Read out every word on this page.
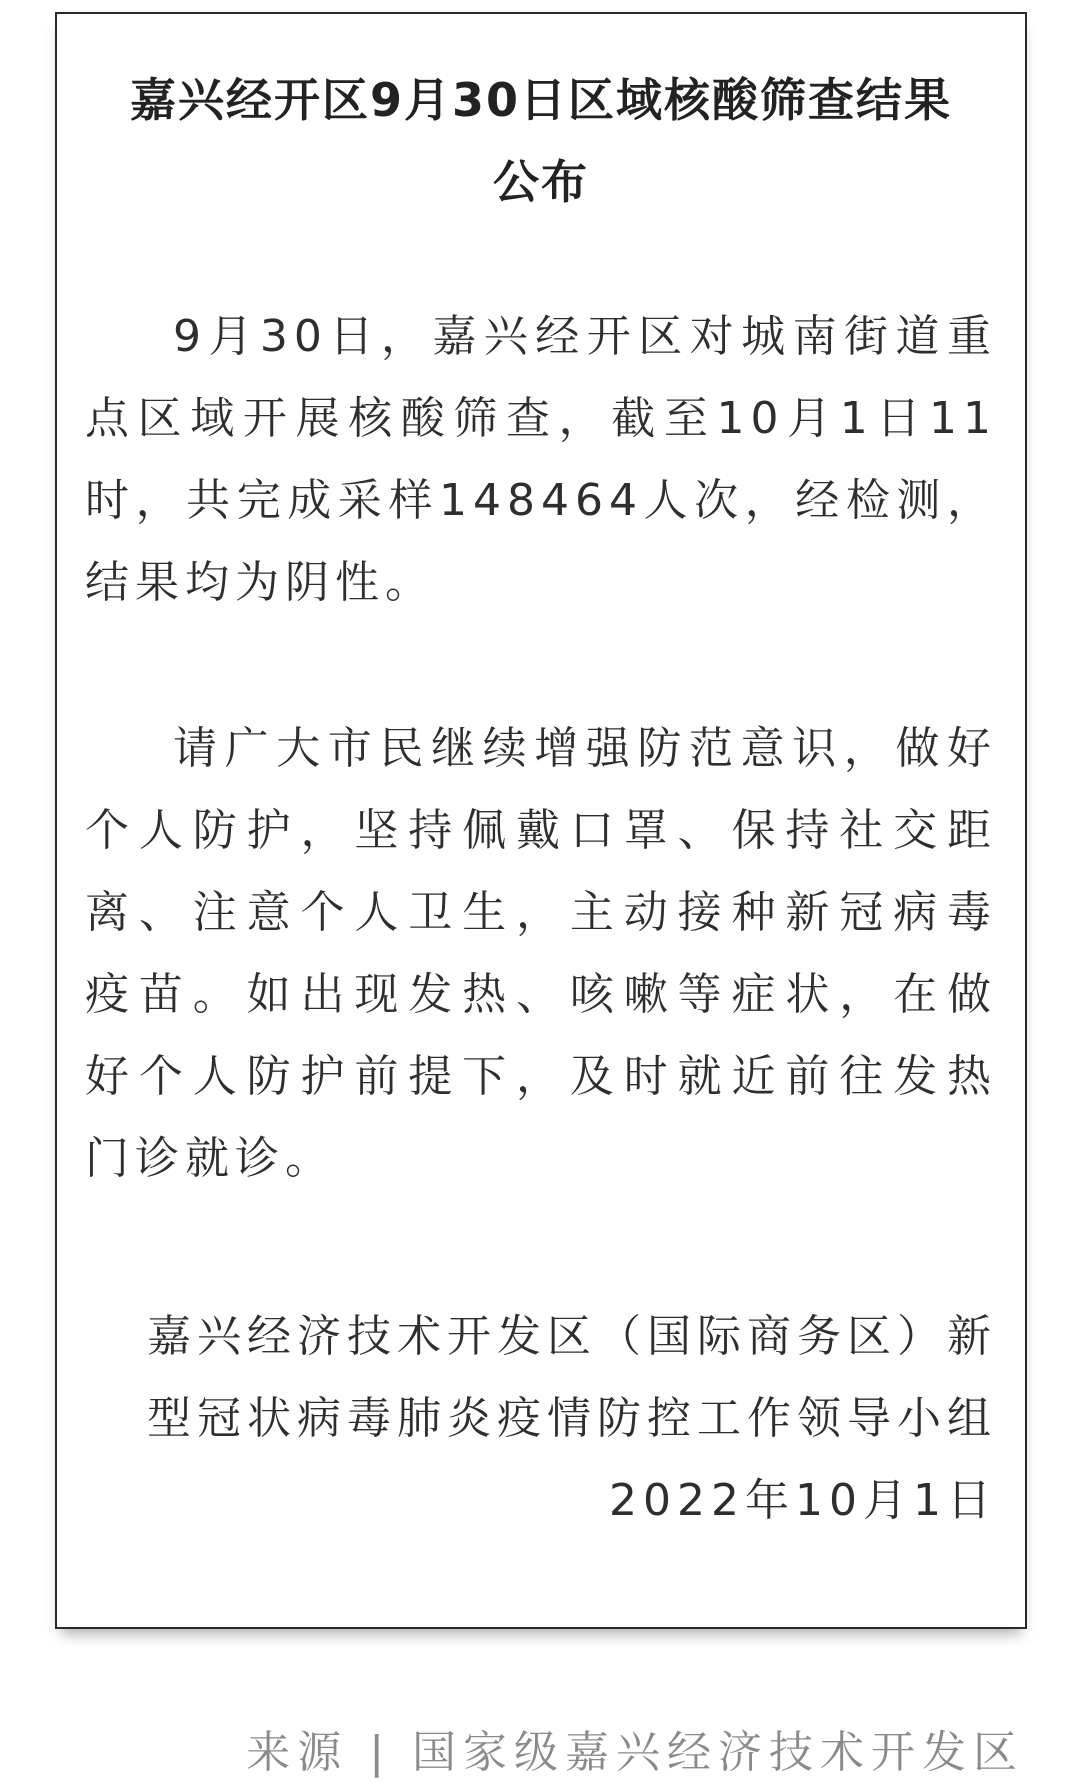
嘉兴经开区9月30日区域核酸筛查结果
公布

9月30日，嘉兴经开区对城南街道重
点区域开展核酸筛查，截至10月1日11
时，共完成采样148464人次，经检测，
结果均为阴性。

请广大市民继续增强防范意识，做好
个人防护，坚持佩戴口罩、保持社交距
离、注意个人卫生，主动接种新冠病毒
疫苗。如出现发热、咳嗽等症状，在做
好个人防护前提下，及时就近前往发热
门诊就诊。

嘉兴经济技术开发区（国际商务区）新
型冠状病毒肺炎疫情防控工作领导小组
2022年10月1日
来源 | 国家级嘉兴经济技术开发区
